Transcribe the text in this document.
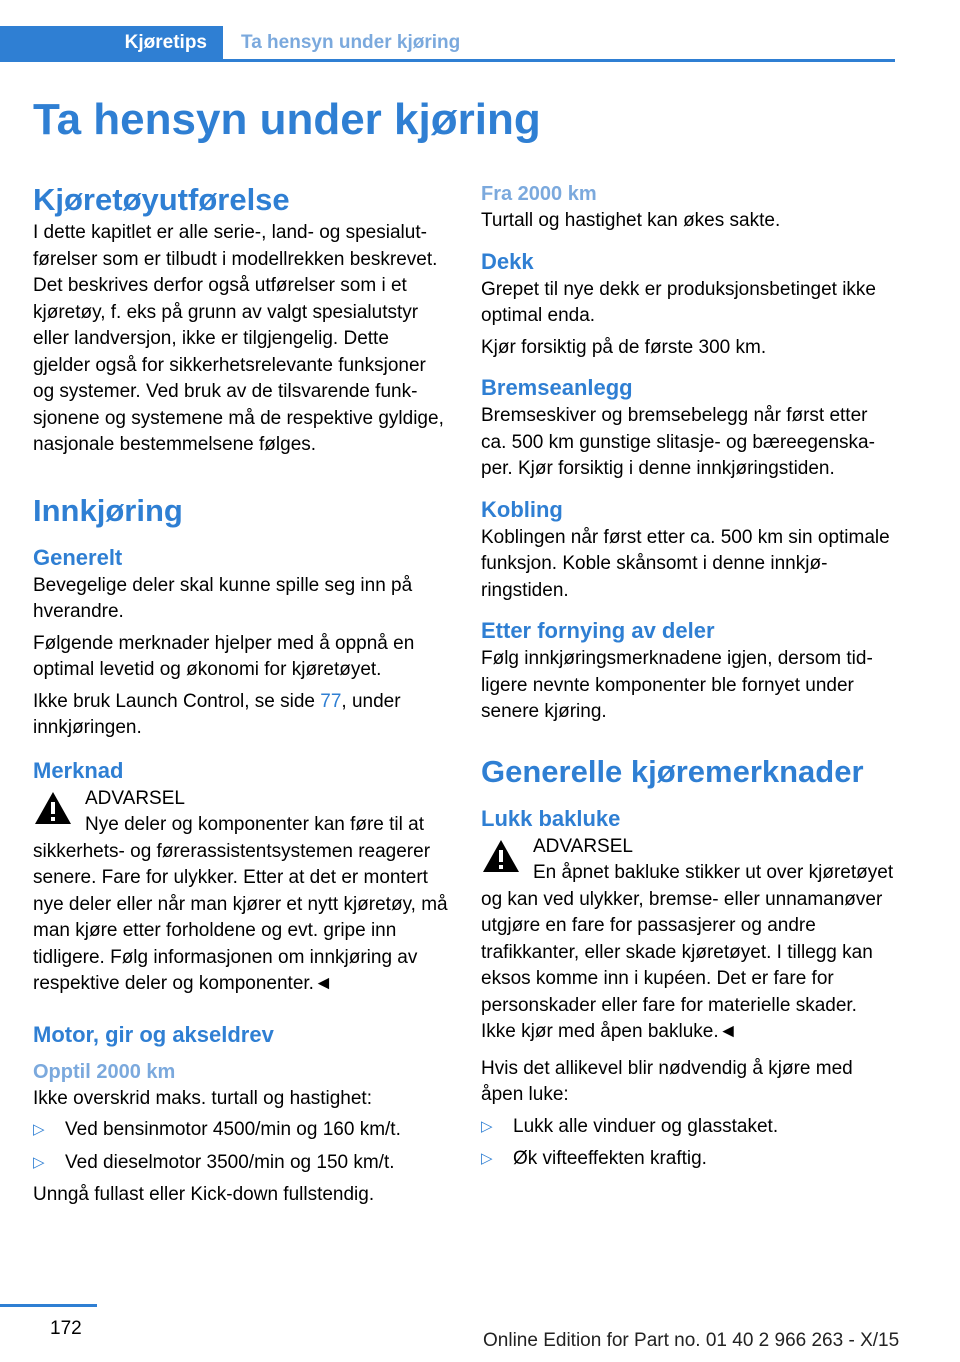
Kjøretips	Ta hensyn under kjøring
Ta hensyn under kjøring
Kjøretøyutførelse
I dette kapitlet er alle serie-, land- og spesialutførelser som er tilbudt i modellrekken beskrevet. Det beskrives derfor også utførelser som i et kjøretøy, f. eks på grunn av valgt spesialutstyr eller landversjon, ikke er tilgjengelig. Dette gjelder også for sikkerhetsrelevante funksjoner og systemer. Ved bruk av de tilsvarende funksjonene og systemene må de respektive gyldige, nasjonale bestemmelsene følges.
Innkjøring
Generelt
Bevegelige deler skal kunne spille seg inn på hverandre.
Følgende merknader hjelper med å oppnå en optimal levetid og økonomi for kjøretøyet.
Ikke bruk Launch Control, se side 77, under innkjøringen.
Merknad
ADVARSEL
Nye deler og komponenter kan føre til at sikkerhets- og førerassistentsystemen reagerer senere. Fare for ulykker. Etter at det er montert nye deler eller når man kjører et nytt kjøretøy, må man kjøre etter forholdene og evt. gripe inn tidligere. Følg informasjonen om innkjøring av respektive deler og komponenter.◄
Motor, gir og akseldrev
Opptil 2000 km
Ikke overskrid maks. turtall og hastighet:
▷ Ved bensinmotor 4500/min og 160 km/t.
▷ Ved dieselmotor 3500/min og 150 km/t.
Unngå fullast eller Kick-down fullstendig.
Fra 2000 km
Turtall og hastighet kan økes sakte.
Dekk
Grepet til nye dekk er produksjonsbetinget ikke optimal enda.
Kjør forsiktig på de første 300 km.
Bremseanlegg
Bremseskiver og bremsebelegg når først etter ca. 500 km gunstige slitasje- og bæreegenskaper. Kjør forsiktig i denne innkjøringstiden.
Kobling
Koblingen når først etter ca. 500 km sin optimale funksjon. Koble skånsomt i denne innkjøringstiden.
Etter fornying av deler
Følg innkjøringsmerknadene igjen, dersom tidligere nevnte komponenter ble fornyet under senere kjøring.
Generelle kjøremerknader
Lukk bakluke
ADVARSEL
En åpnet bakluke stikker ut over kjøretøyet og kan ved ulykker, bremse- eller unnamanøver utgjøre en fare for passasjerer og andre trafikkanter, eller skade kjøretøyet. I tillegg kan eksos komme inn i kupéen. Det er fare for personskader eller fare for materielle skader. Ikke kjør med åpen bakluke.◄
Hvis det allikevel blir nødvendig å kjøre med åpen luke:
▷ Lukk alle vinduer og glasstaket.
▷ Øk vifteeffekten kraftig.
172
Online Edition for Part no. 01 40 2 966 263 - X/15
